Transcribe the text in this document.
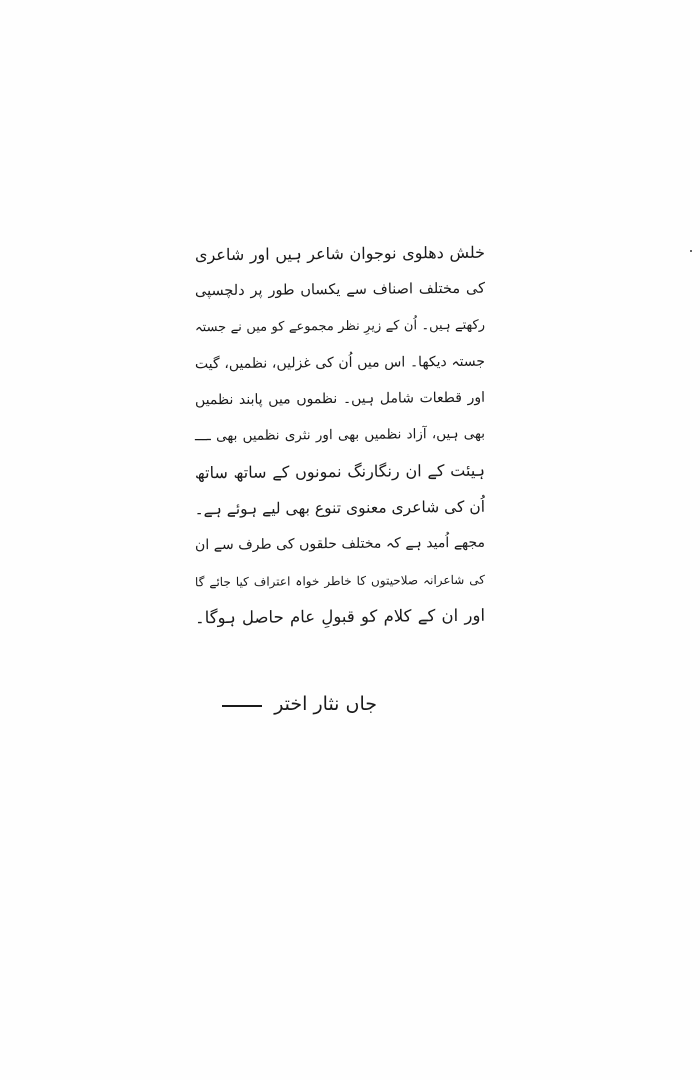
خلش دھلوی نوجوان شاعر ہیں اور شاعری
کی مختلف اصناف سے یکساں طور پر دلچسپی
رکھتے ہیں۔ اُن کے زیرِ نظر مجموعے کو میں نے جستہ
جستہ دیکھا۔ اس میں اُن کی غزلیں، نظمیں، گیت
اور قطعات شامل ہیں۔ نظموں میں پابند نظمیں
بھی ہیں، آزاد نظمیں بھی اور نثری نظمیں بھی ــــ
ہیئت کے ان رنگارنگ نمونوں کے ساتھ ساتھ
اُن کی شاعری معنوی تنوع بھی لیے ہوئے ہے۔
مجھے اُمید ہے کہ مختلف حلقوں کی طرف سے ان
کی شاعرانہ صلاحیتوں کا خاطر خواہ اعتراف کیا جائے گا
اور ان کے کلام کو قبولِ عام حاصل ہوگا۔
جاں نثار اختر
